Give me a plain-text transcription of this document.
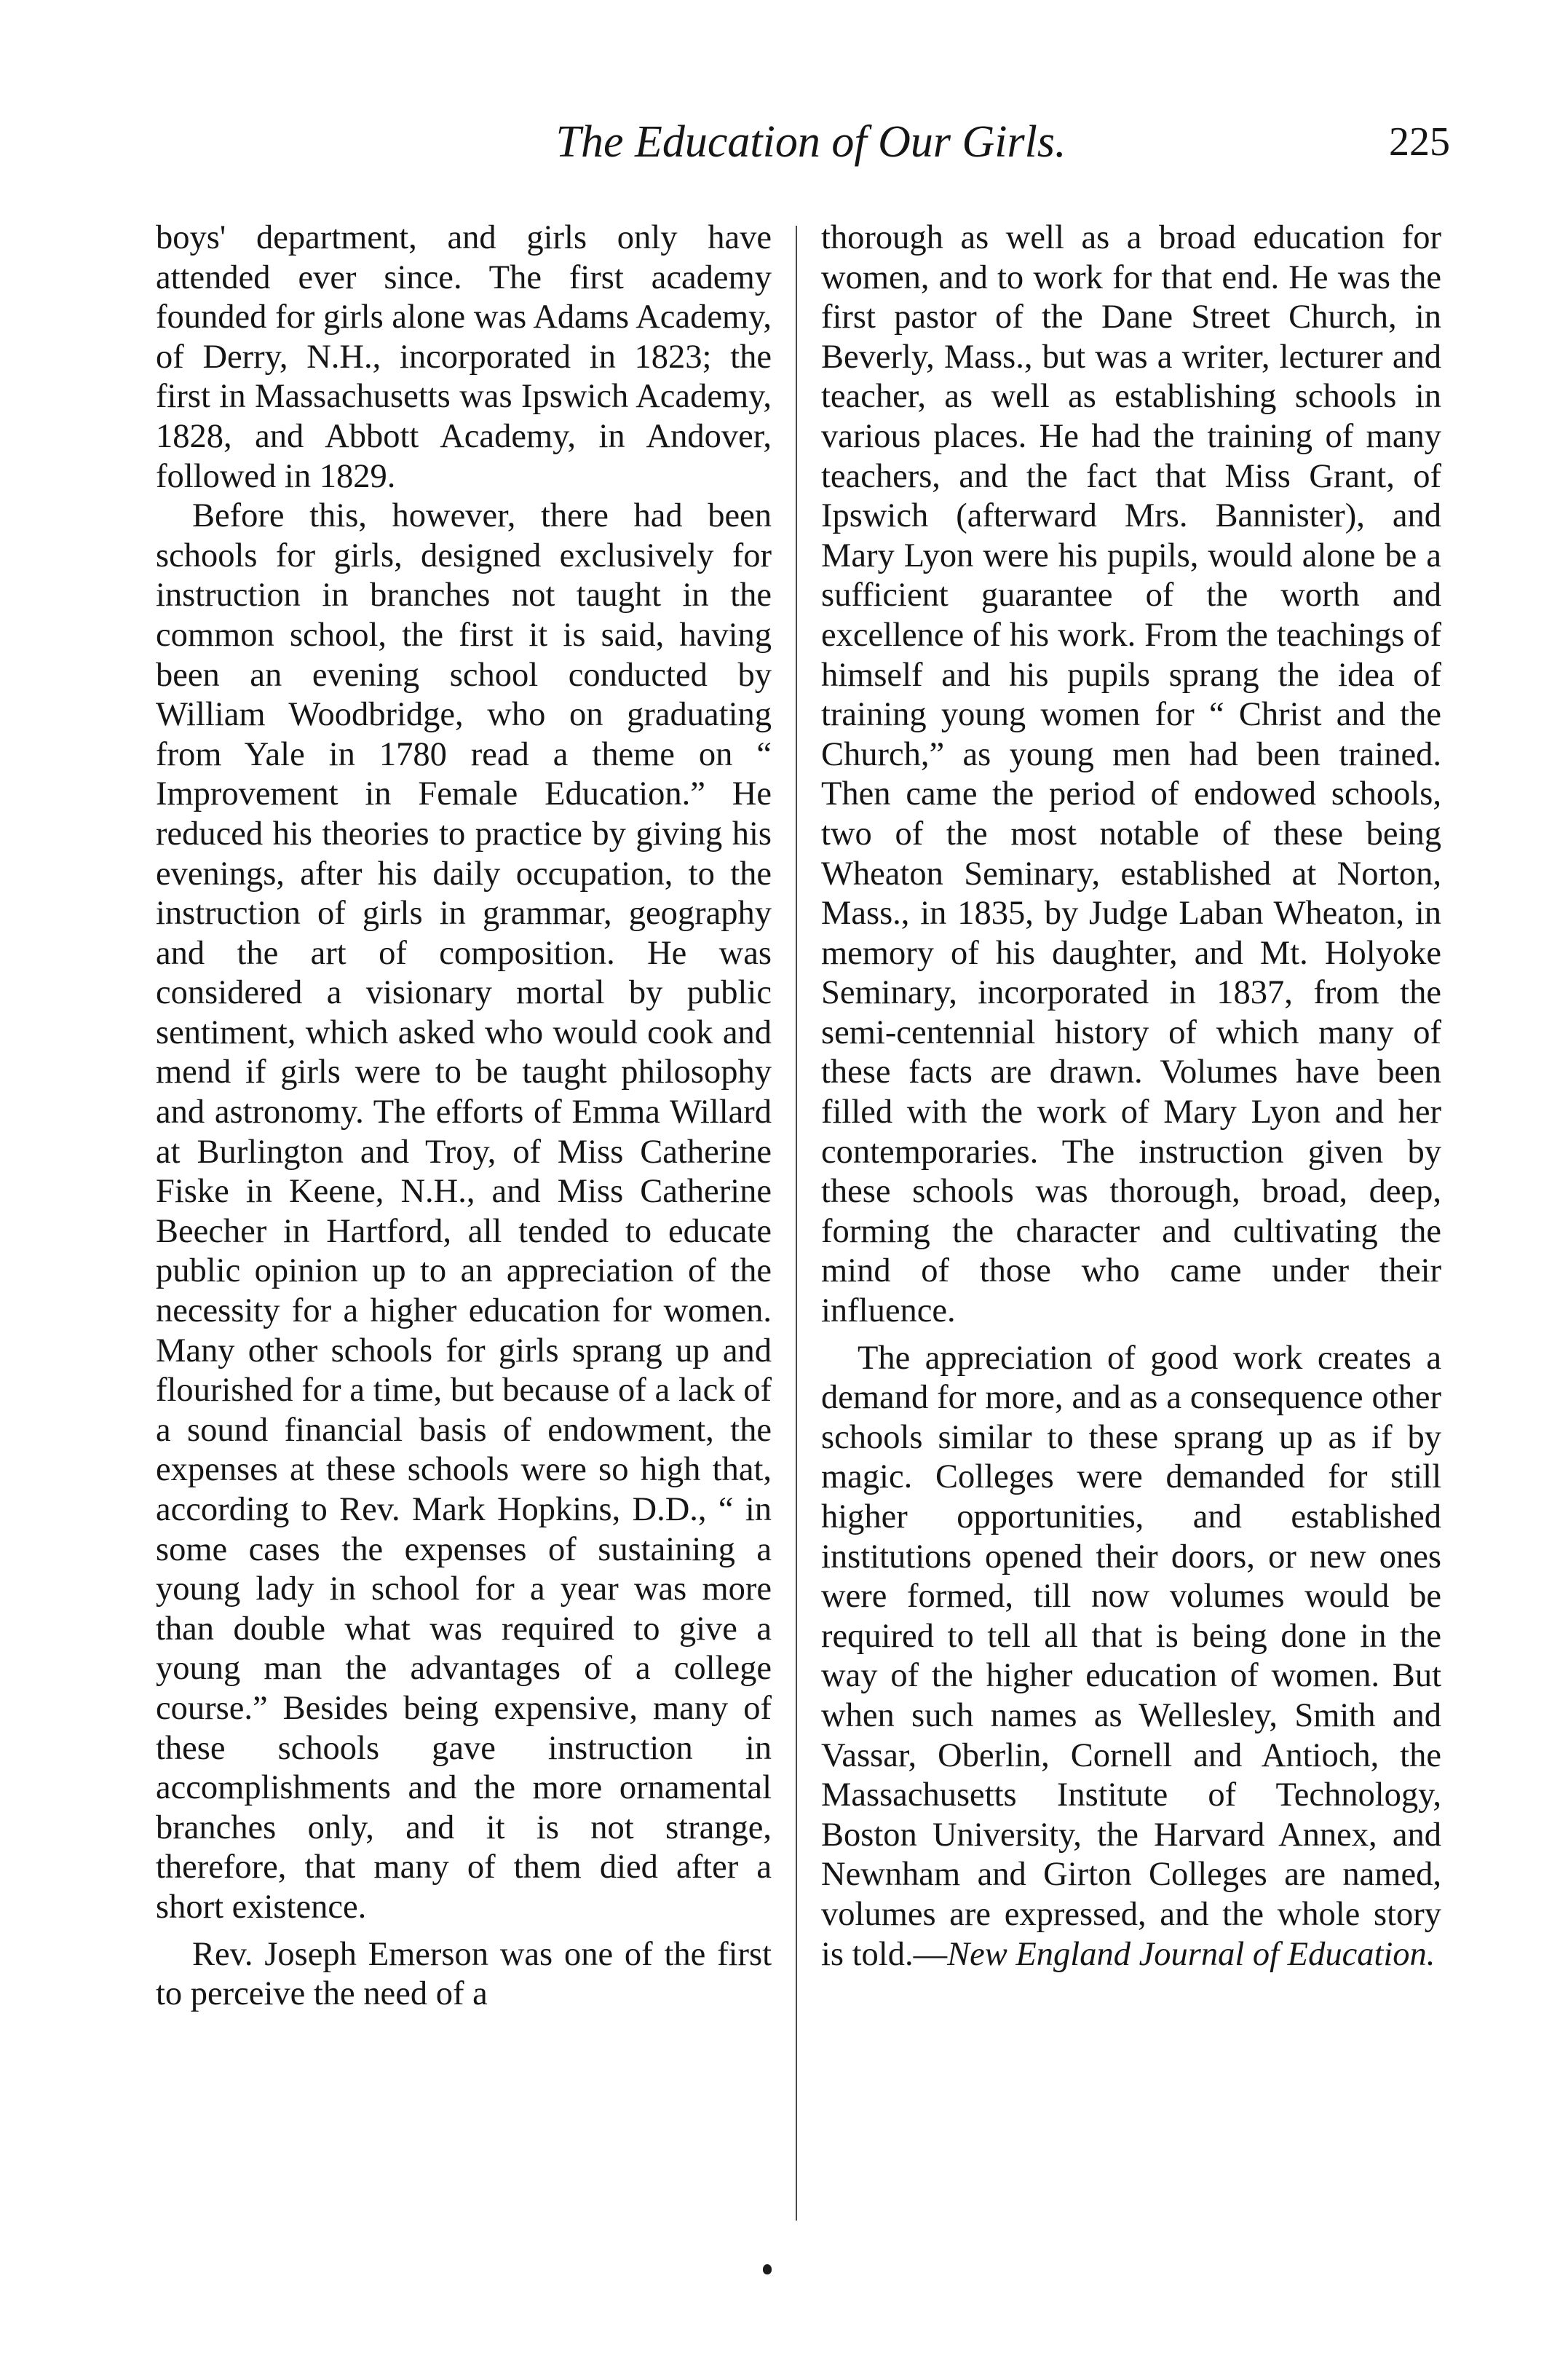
The Education of Our Girls.	225

boys' department, and girls only have attended ever since. The first academy founded for girls alone was Adams Academy, of Derry, N.H., incorporated in 1823; the first in Massachusetts was Ipswich Academy, 1828, and Abbott Academy, in Andover, followed in 1829.

Before this, however, there had been schools for girls, designed exclusively for instruction in branches not taught in the common school, the first it is said, having been an evening school conducted by William Woodbridge, who on graduating from Yale in 1780 read a theme on “ Improvement in Female Education.” He reduced his theories to practice by giving his evenings, after his daily occupation, to the instruction of girls in grammar, geography and the art of composition. He was considered a visionary mortal by public sentiment, which asked who would cook and mend if girls were to be taught philosophy and astronomy. The efforts of Emma Willard at Burlington and Troy, of Miss Catherine Fiske in Keene, N.H., and Miss Catherine Beecher in Hartford, all tended to educate public opinion up to an appreciation of the necessity for a higher education for women. Many other schools for girls sprang up and flourished for a time, but because of a lack of a sound financial basis of endowment, the expenses at these schools were so high that, according to Rev. Mark Hopkins, D.D., “ in some cases the expenses of sustaining a young lady in school for a year was more than double what was required to give a young man the advantages of a college course.” Besides being expensive, many of these schools gave instruction in accomplishments and the more ornamental branches only, and it is not strange, therefore, that many of them died after a short existence.

Rev. Joseph Emerson was one of the first to perceive the need of a

thorough as well as a broad education for women, and to work for that end. He was the first pastor of the Dane Street Church, in Beverly, Mass., but was a writer, lecturer and teacher, as well as establishing schools in various places. He had the training of many teachers, and the fact that Miss Grant, of Ipswich (afterward Mrs. Bannister), and Mary Lyon were his pupils, would alone be a sufficient guarantee of the worth and excellence of his work. From the teachings of himself and his pupils sprang the idea of training young women for “ Christ and the Church,” as young men had been trained. Then came the period of endowed schools, two of the most notable of these being Wheaton Seminary, established at Norton, Mass., in 1835, by Judge Laban Wheaton, in memory of his daughter, and Mt. Holyoke Seminary, incorporated in 1837, from the semi-centennial history of which many of these facts are drawn. Volumes have been filled with the work of Mary Lyon and her contemporaries. The instruction given by these schools was thorough, broad, deep, forming the character and cultivating the mind of those who came under their influence.

The appreciation of good work creates a demand for more, and as a consequence other schools similar to these sprang up as if by magic. Colleges were demanded for still higher opportunities, and established institutions opened their doors, or new ones were formed, till now volumes would be required to tell all that is being done in the way of the higher education of women. But when such names as Wellesley, Smith and Vassar, Oberlin, Cornell and Antioch, the Massachusetts Institute of Technology, Boston University, the Harvard Annex, and Newnham and Girton Colleges are named, volumes are expressed, and the whole story is told.—New England Journal of Education.
